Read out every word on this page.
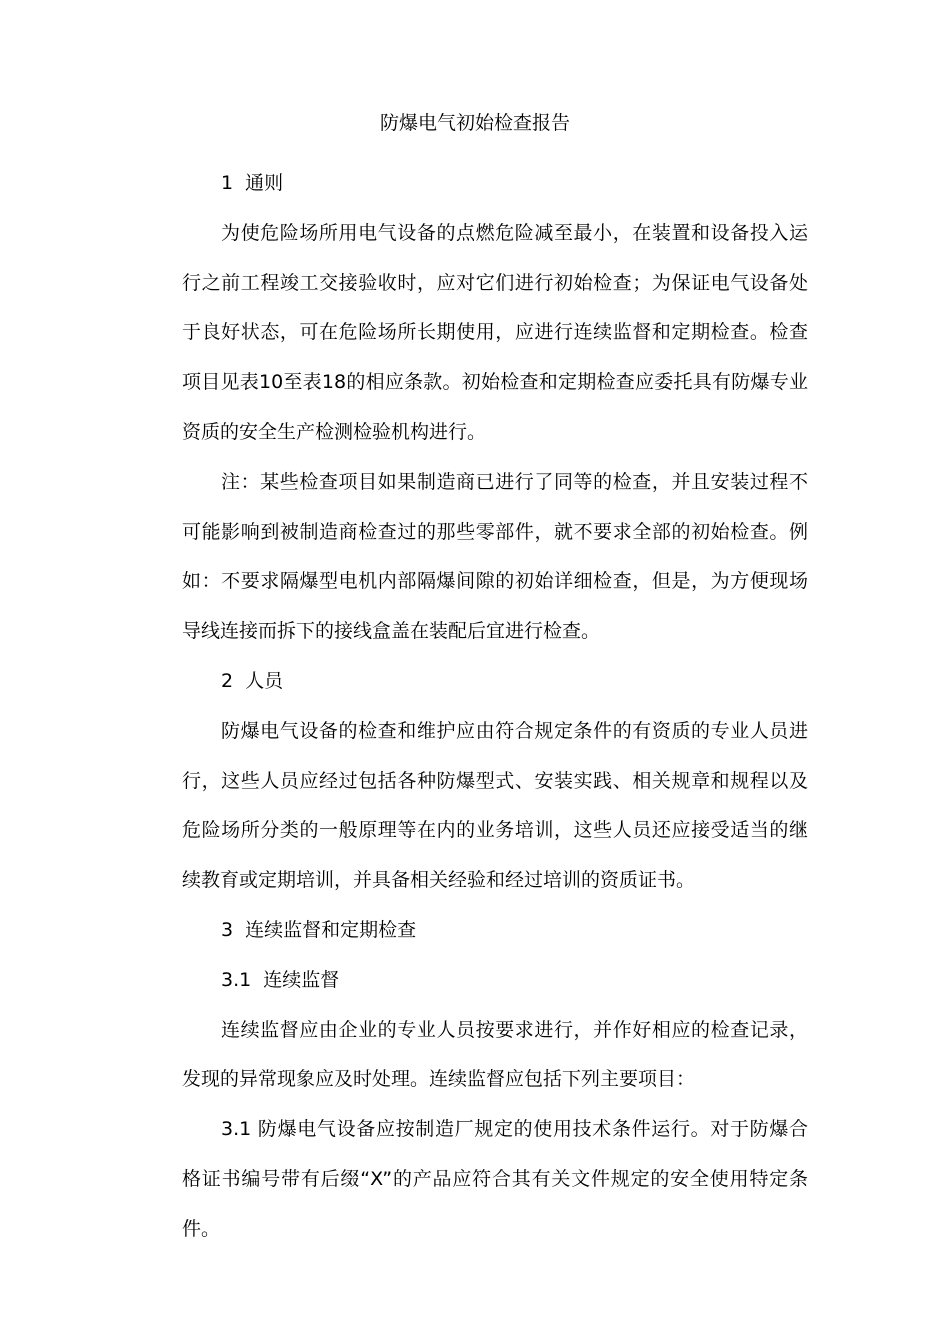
防爆电气初始检查报告

1 通则

为使危险场所用电气设备的点燃危险减至最小，在装置和设备投入运行之前工程竣工交接验收时，应对它们进行初始检查；为保证电气设备处于良好状态，可在危险场所长期使用，应进行连续监督和定期检查。检查项目见表10至表18的相应条款。初始检查和定期检查应委托具有防爆专业资质的安全生产检测检验机构进行。

注：某些检查项目如果制造商已进行了同等的检查，并且安装过程不可能影响到被制造商检查过的那些零部件，就不要求全部的初始检查。例如：不要求隔爆型电机内部隔爆间隙的初始详细检查，但是，为方便现场导线连接而拆下的接线盒盖在装配后宜进行检查。

2 人员

防爆电气设备的检查和维护应由符合规定条件的有资质的专业人员进行，这些人员应经过包括各种防爆型式、安装实践、相关规章和规程以及危险场所分类的一般原理等在内的业务培训，这些人员还应接受适当的继续教育或定期培训，并具备相关经验和经过培训的资质证书。

3 连续监督和定期检查

3.1 连续监督

连续监督应由企业的专业人员按要求进行，并作好相应的检查记录，发现的异常现象应及时处理。连续监督应包括下列主要项目：

3.1 防爆电气设备应按制造厂规定的使用技术条件运行。对于防爆合格证书编号带有后缀“X”的产品应符合其有关文件规定的安全使用特定条件。
